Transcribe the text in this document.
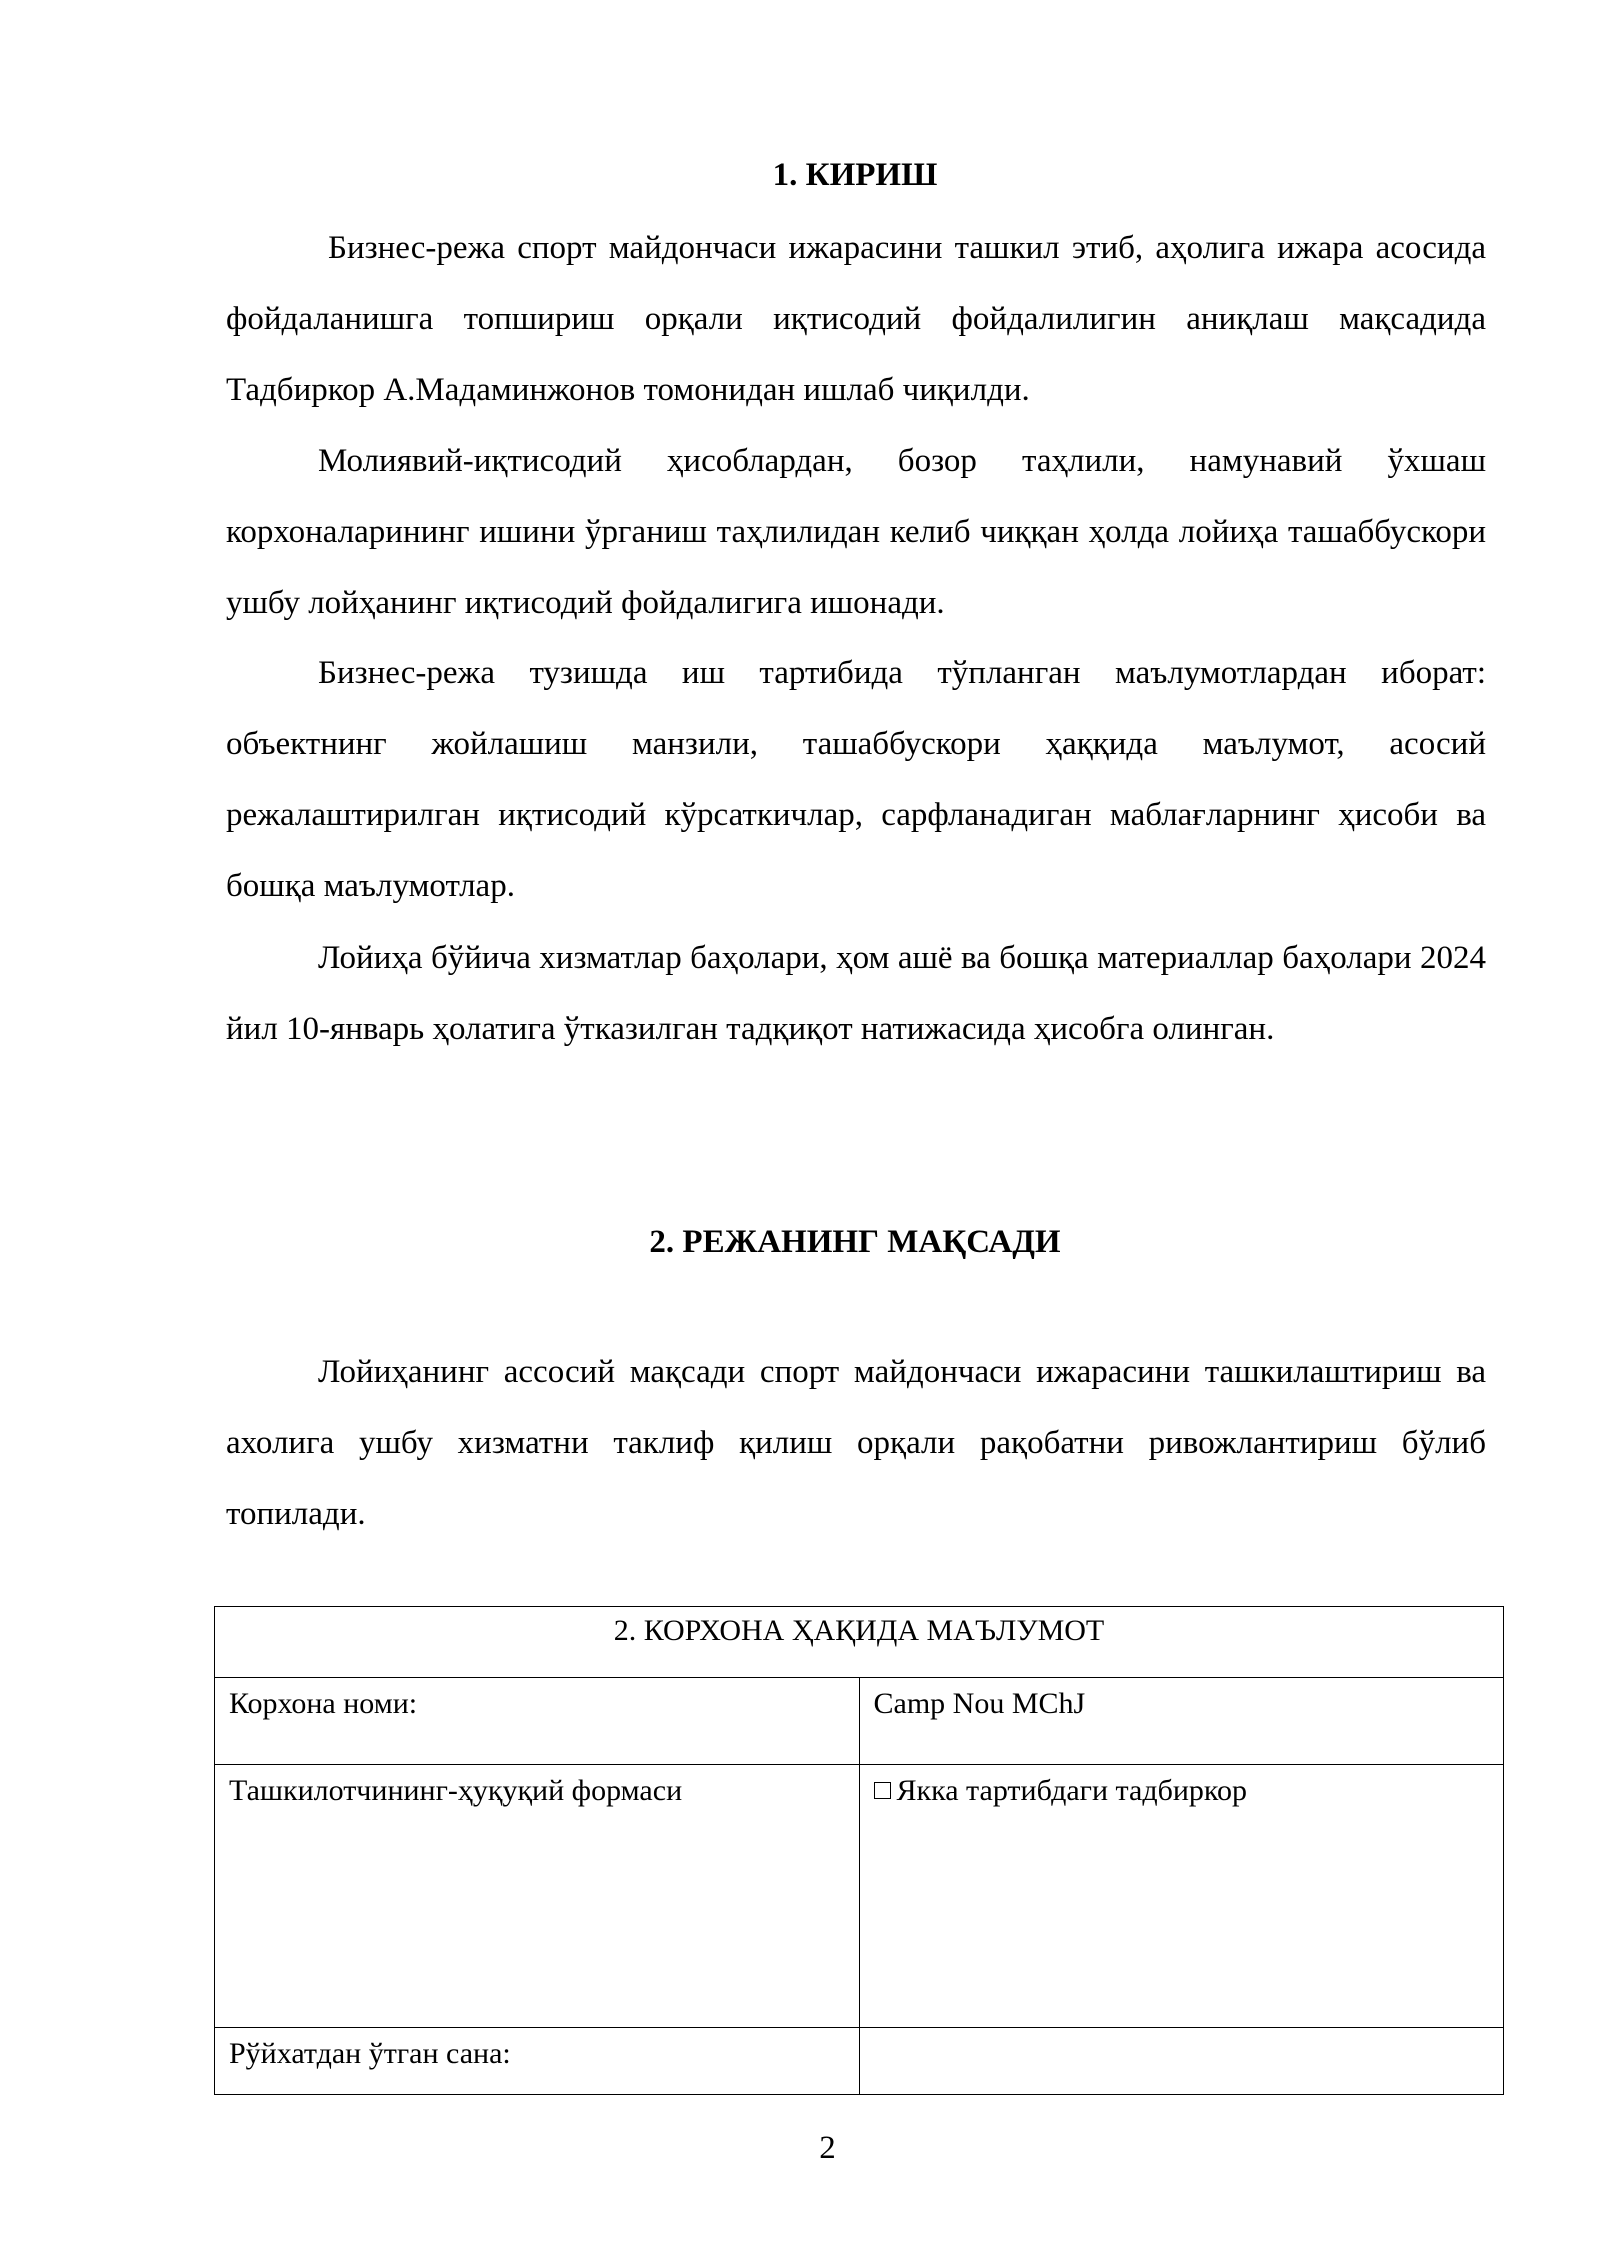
1. КИРИШ

Бизнес-режа спорт майдончаси ижарасини ташкил этиб, аҳолига ижара асосида фойдаланишга топшириш орқали иқтисодий фойдалилигин аниқлаш мақсадида Тадбиркор А.Мадаминжонов томонидан ишлаб чиқилди.

Молиявий-иқтисодий ҳисоблардан, бозор таҳлили, намунавий ўхшаш корхоналарининг ишини ўрганиш таҳлилидан келиб чиққан ҳолда лойиҳа ташаббускори ушбу лойҳанинг иқтисодий фойдалигига ишонади.

Бизнес-режа тузишда иш тартибида тўпланган маълумотлардан иборат: объектнинг жойлашиш манзили, ташаббускори ҳаққида маълумот, асосий режалаштирилган иқтисодий кўрсаткичлар, сарфланадиган маблағларнинг ҳисоби ва бошқа маълумотлар.

Лойиҳа бўйича хизматлар баҳолари, ҳом ашё ва бошқа материаллар баҳолари 2024 йил 10-январь ҳолатига ўтказилган тадқиқот натижасида ҳисобга олинган.

2. РЕЖАНИНГ МАҚСАДИ

Лойиҳанинг ассосий мақсади спорт майдончаси ижарасини ташкилаштириш ва ахолига ушбу хизматни таклиф қилиш орқали рақобатни ривожлантириш бўлиб топилади.

2. КОРХОНА ҲАҚИДА МАЪЛУМОТ	
Корхона номи:	Camp Nou MChJ
Ташкилотчининг-ҳуқуқий формаси	Якка тартибдаги тадбиркор
Рўйхатдан ўтган сана:	
2
